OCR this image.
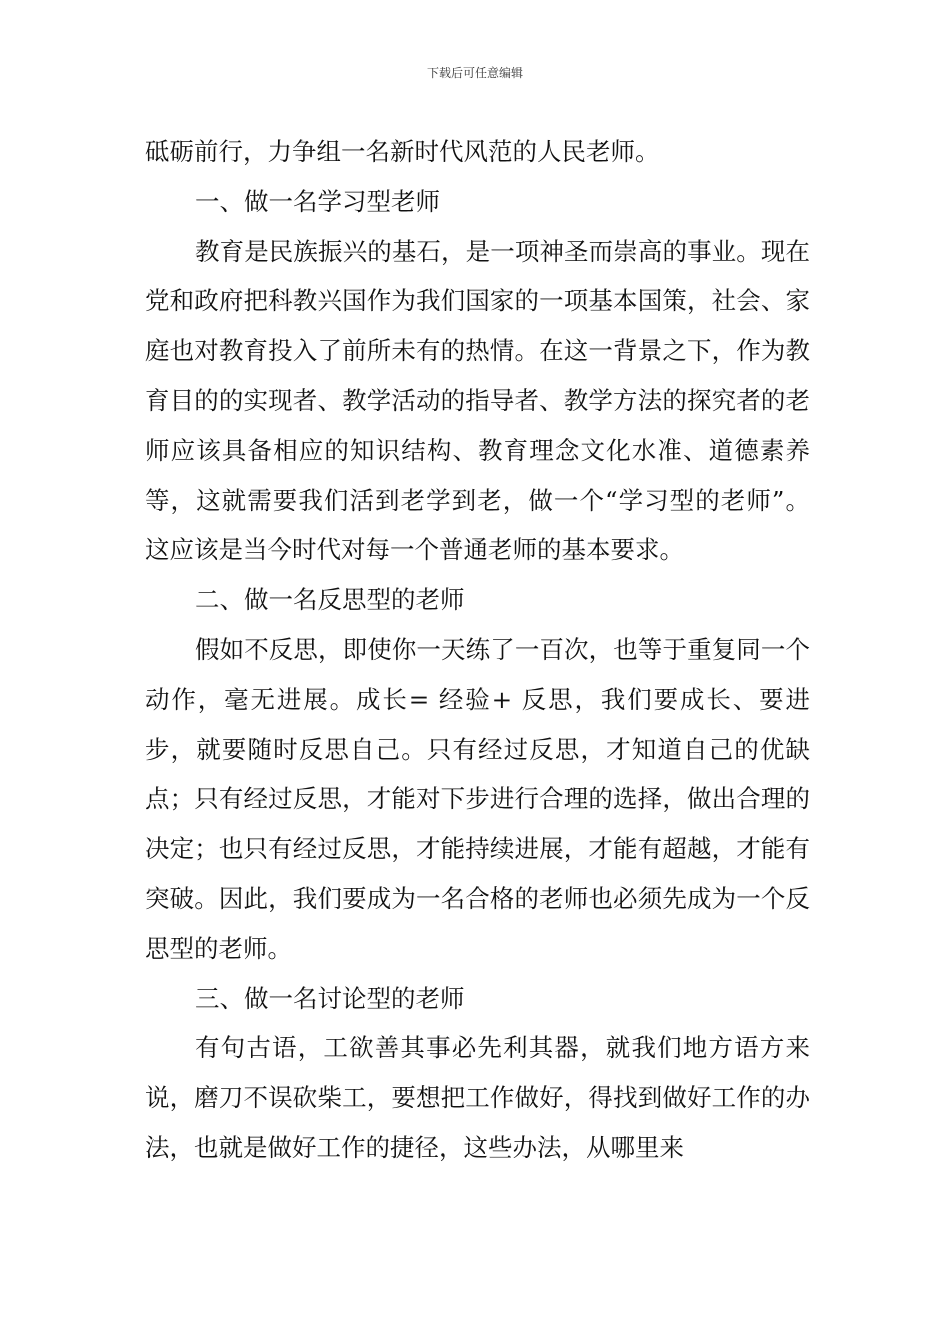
下载后可任意编辑

砥砺前行，力争组一名新时代风范的人民老师。

一、做一名学习型老师

教育是民族振兴的基石，是一项神圣而崇高的事业。现在党和政府把科教兴国作为我们国家的一项基本国策，社会、家庭也对教育投入了前所未有的热情。在这一背景之下，作为教育目的的实现者、教学活动的指导者、教学方法的探究者的老师应该具备相应的知识结构、教育理念文化水准、道德素养等，这就需要我们活到老学到老，做一个“学习型的老师”。 这应该是当今时代对每一个普通老师的基本要求。

二、做一名反思型的老师

假如不反思，即使你一天练了一百次，也等于重复同一个动作，毫无进展。成长= 经验+ 反思，我们要成长、要进步，就要随时反思自己。只有经过反思，才知道自己的优缺点；只有经过反思，才能对下步进行合理的选择，做出合理的决定；也只有经过反思，才能持续进展，才能有超越，才能有突破。因此，我们要成为一名合格的老师也必须先成为一个反思型的老师。

三、做一名讨论型的老师

有句古语，工欲善其事必先利其器，就我们地方语方来说，磨刀不误砍柴工，要想把工作做好，得找到做好工作的办法，也就是做好工作的捷径，这些办法，从哪里来
